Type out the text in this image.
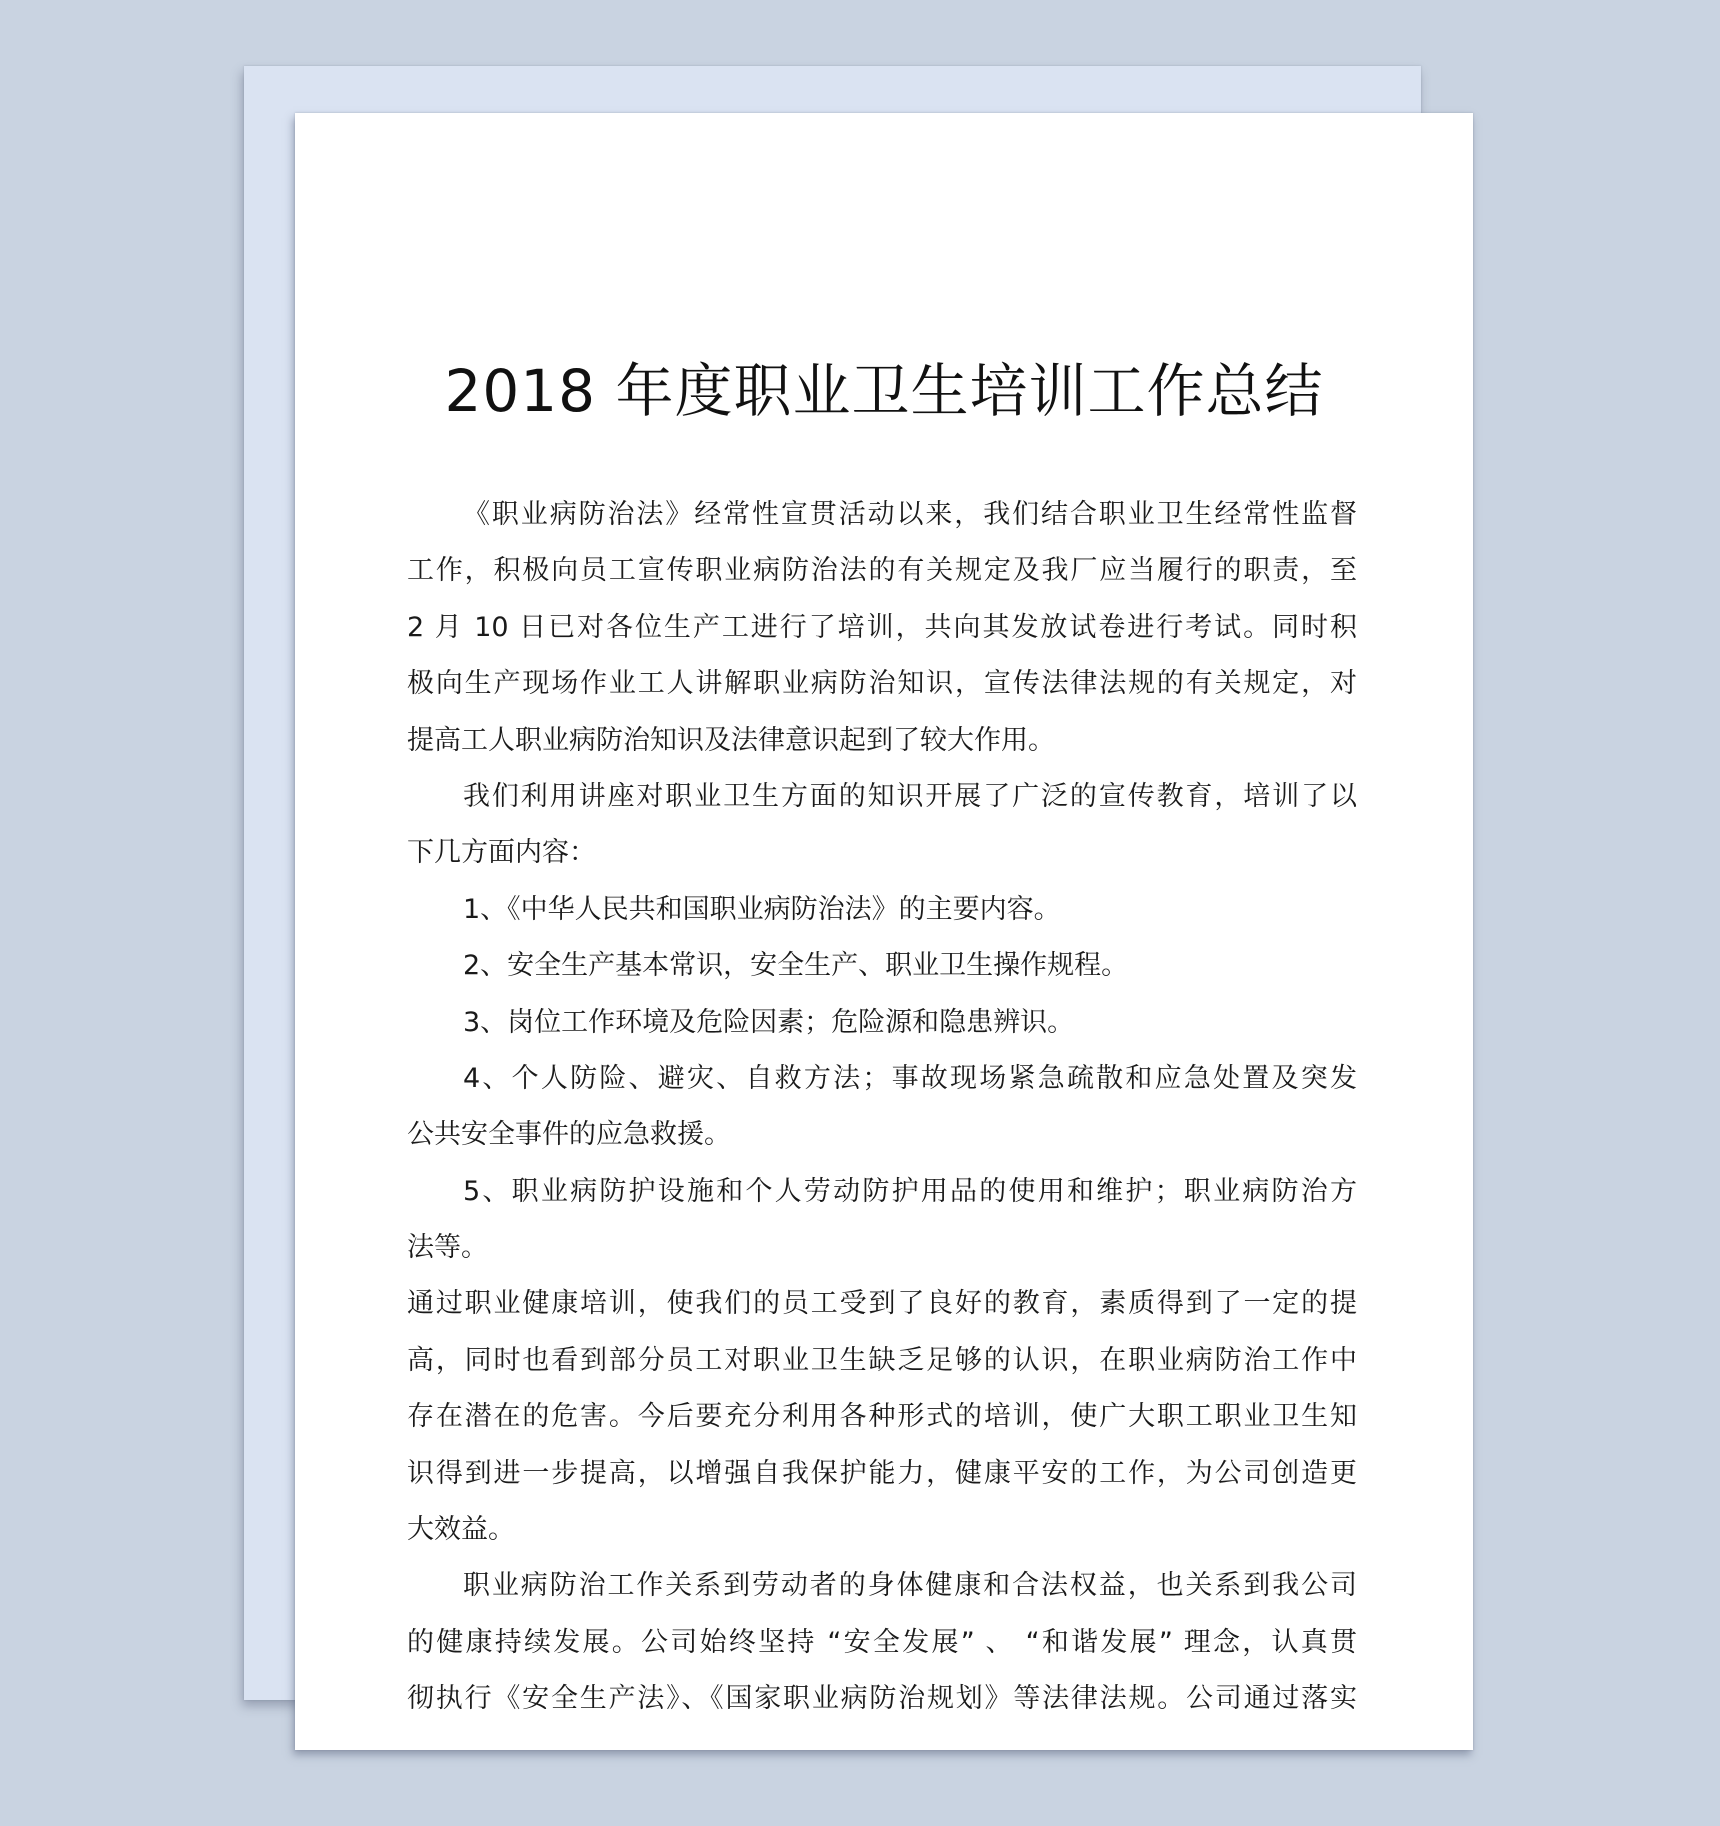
2018 年度职业卫生培训工作总结
《职业病防治法》经常性宣贯活动以来，我们结合职业卫生经常性监督
工作，积极向员工宣传职业病防治法的有关规定及我厂应当履行的职责，至
2 月 10 日已对各位生产工进行了培训，共向其发放试卷进行考试。同时积
极向生产现场作业工人讲解职业病防治知识，宣传法律法规的有关规定，对
提高工人职业病防治知识及法律意识起到了较大作用。
我们利用讲座对职业卫生方面的知识开展了广泛的宣传教育，培训了以
下几方面内容：
1、《中华人民共和国职业病防治法》的主要内容。
2、安全生产基本常识，安全生产、职业卫生操作规程。
3、岗位工作环境及危险因素；危险源和隐患辨识。
4、个人防险、避灾、自救方法；事故现场紧急疏散和应急处置及突发
公共安全事件的应急救援。
5、职业病防护设施和个人劳动防护用品的使用和维护；职业病防治方
法等。
通过职业健康培训，使我们的员工受到了良好的教育，素质得到了一定的提
高，同时也看到部分员工对职业卫生缺乏足够的认识，在职业病防治工作中
存在潜在的危害。今后要充分利用各种形式的培训，使广大职工职业卫生知
识得到进一步提高，以增强自我保护能力，健康平安的工作，为公司创造更
大效益。
职业病防治工作关系到劳动者的身体健康和合法权益，也关系到我公司
的健康持续发展。公司始终坚持 “安全发展” 、 “和谐发展” 理念，认真贯
彻执行《安全生产法》、《国家职业病防治规划》等法律法规。公司通过落实
